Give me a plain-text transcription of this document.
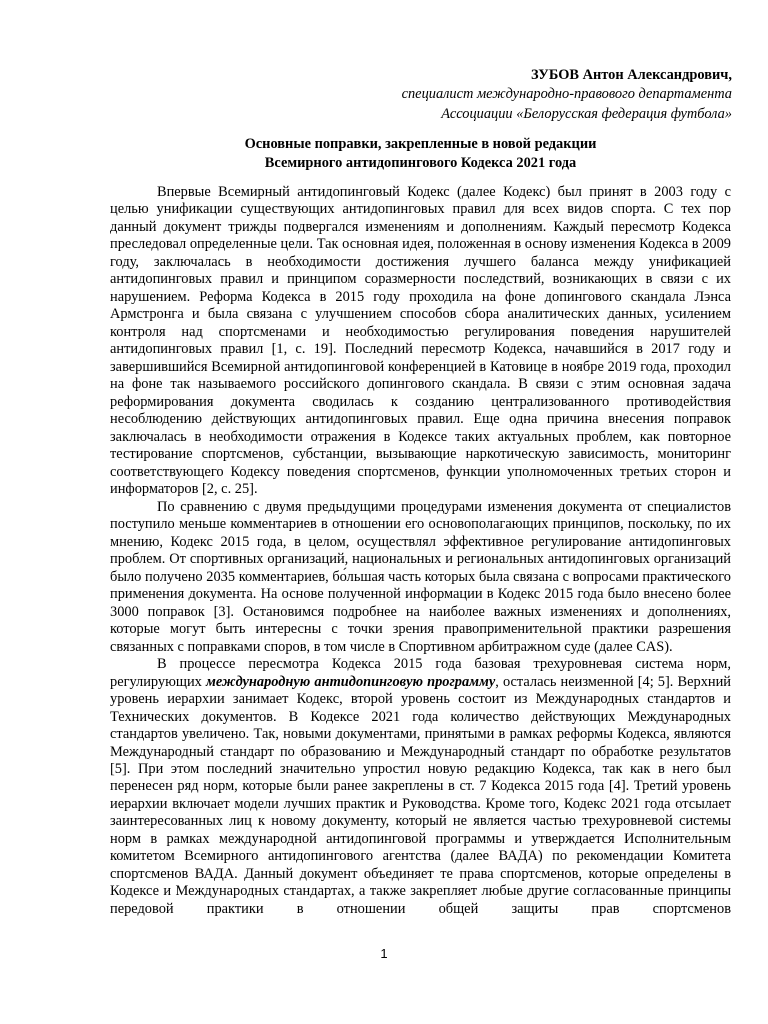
ЗУБОВ Антон Александрович,
специалист международно-правового департамента
Ассоциации «Белорусская федерация футбола»
Основные поправки, закрепленные в новой редакции
Всемирного антидопингового Кодекса 2021 года

Впервые Всемирный антидопинговый Кодекс (далее Кодекс) был принят в 2003 году с целью унификации существующих антидопинговых правил для всех видов спорта. С тех пор данный документ трижды подвергался изменениям и дополнениям. Каждый пересмотр Кодекса преследовал определенные цели. Так основная идея, положенная в основу изменения Кодекса в 2009 году, заключалась в необходимости достижения лучшего баланса между унификацией антидопинговых правил и принципом соразмерности последствий, возникающих в связи с их нарушением. Реформа Кодекса в 2015 году проходила на фоне допингового скандала Лэнса Армстронга и была связана с улучшением способов сбора аналитических данных, усилением контроля над спортсменами и необходимостью регулирования поведения нарушителей антидопинговых правил [1, с. 19]. Последний пересмотр Кодекса, начавшийся в 2017 году и завершившийся Всемирной антидопинговой конференцией в Катовице в ноябре 2019 года, проходил на фоне так называемого российского допингового скандала. В связи с этим основная задача реформирования документа сводилась к созданию централизованного противодействия несоблюдению действующих антидопинговых правил. Еще одна причина внесения поправок заключалась в необходимости отражения в Кодексе таких актуальных проблем, как повторное тестирование спортсменов, субстанции, вызывающие наркотическую зависимость, мониторинг соответствующего Кодексу поведения спортсменов, функции уполномоченных третьих сторон и информаторов [2, с. 25].

По сравнению с двумя предыдущими процедурами изменения документа от специалистов поступило меньше комментариев в отношении его основополагающих принципов, поскольку, по их мнению, Кодекс 2015 года, в целом, осуществлял эффективное регулирование антидопинговых проблем. От спортивных организаций, национальных и региональных антидопинговых организаций было получено 2035 комментариев, бо́льшая часть которых была связана с вопросами практического применения документа. На основе полученной информации в Кодекс 2015 года было внесено более 3000 поправок [3]. Остановимся подробнее на наиболее важных изменениях и дополнениях, которые могут быть интересны с точки зрения правоприменительной практики разрешения связанных с поправками споров, в том числе в Спортивном арбитражном суде (далее CAS).

В процессе пересмотра Кодекса 2015 года базовая трехуровневая система норм, регулирующих международную антидопинговую программу, осталась неизменной [4; 5]. Верхний уровень иерархии занимает Кодекс, второй уровень состоит из Международных стандартов и Технических документов. В Кодексе 2021 года количество действующих Международных стандартов увеличено. Так, новыми документами, принятыми в рамках реформы Кодекса, являются Международный стандарт по образованию и Международный стандарт по обработке результатов [5]. При этом последний значительно упростил новую редакцию Кодекса, так как в него был перенесен ряд норм, которые были ранее закреплены в ст. 7 Кодекса 2015 года [4]. Третий уровень иерархии включает модели лучших практик и Руководства. Кроме того, Кодекс 2021 года отсылает заинтересованных лиц к новому документу, который не является частью трехуровневой системы норм в рамках международной антидопинговой программы и утверждается Исполнительным комитетом Всемирного антидопингового агентства (далее ВАДА) по рекомендации Комитета спортсменов ВАДА. Данный документ объединяет те права спортсменов, которые определены в Кодексе и Международных стандартах, а также закрепляет любые другие согласованные принципы передовой практики в отношении общей защиты прав спортсменов

1
